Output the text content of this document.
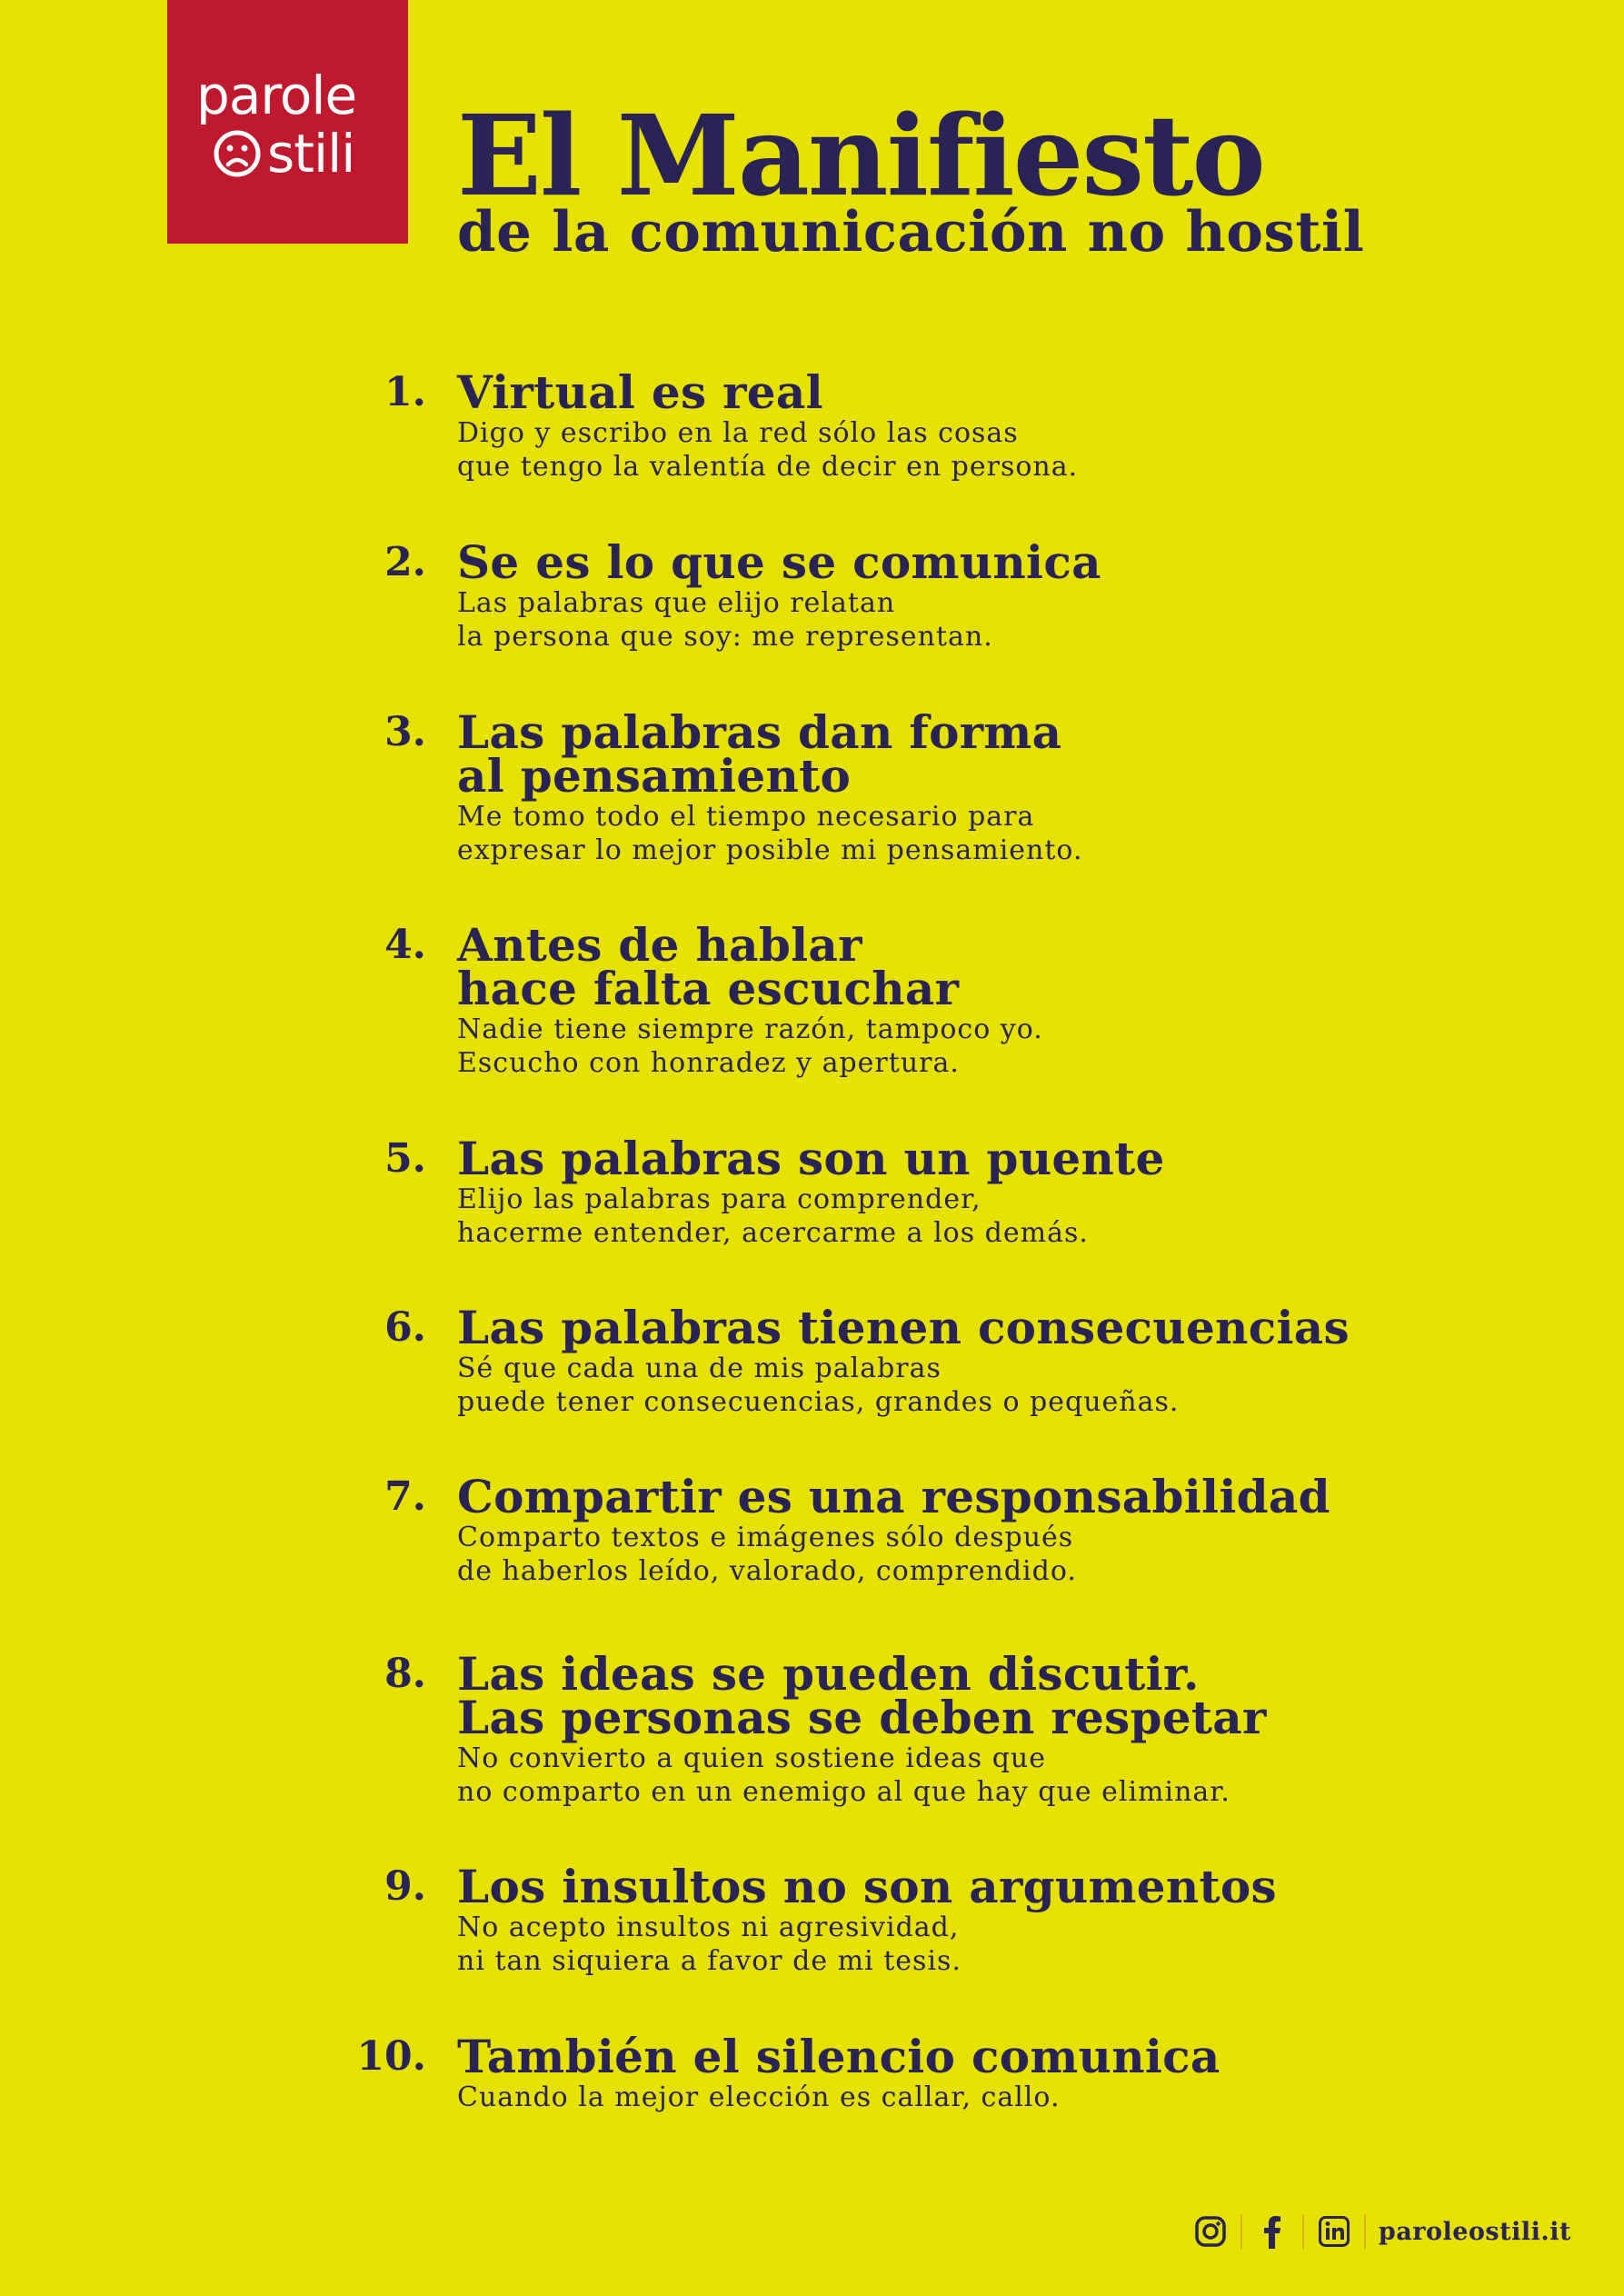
parole
stili El Manifiesto
de la comunicación no hostil
1. Virtual es real
Digo y escribo en la red sólo las cosas
que tengo la valentía de decir en persona.
2. Se es lo que se comunica
Las palabras que elijo relatan
la persona que soy: me representan.
3. Las palabras dan forma
al pensamiento
Me tomo todo el tiempo necesario para
expresar lo mejor posible mi pensamiento.
4. Antes de hablar
hace falta escuchar
Nadie tiene siempre razón, tampoco yo.
Escucho con honradez y apertura.
5. Las palabras son un puente
Elijo las palabras para comprender,
hacerme entender, acercarme a los demás.
6. Las palabras tienen consecuencias
Sé que cada una de mis palabras
puede tener consecuencias, grandes o pequeñas.
7. Compartir es una responsabilidad
Comparto textos e imágenes sólo después
de haberlos leído, valorado, comprendido.
8. Las ideas se pueden discutir.
Las personas se deben respetar
No convierto a quien sostiene ideas que
no comparto en un enemigo al que hay que eliminar.
9. Los insultos no son argumentos
No acepto insultos ni agresividad,
ni tan siquiera a favor de mi tesis.
10. También el silencio comunica
Cuando la mejor elección es callar, callo.
paroleostili.it
